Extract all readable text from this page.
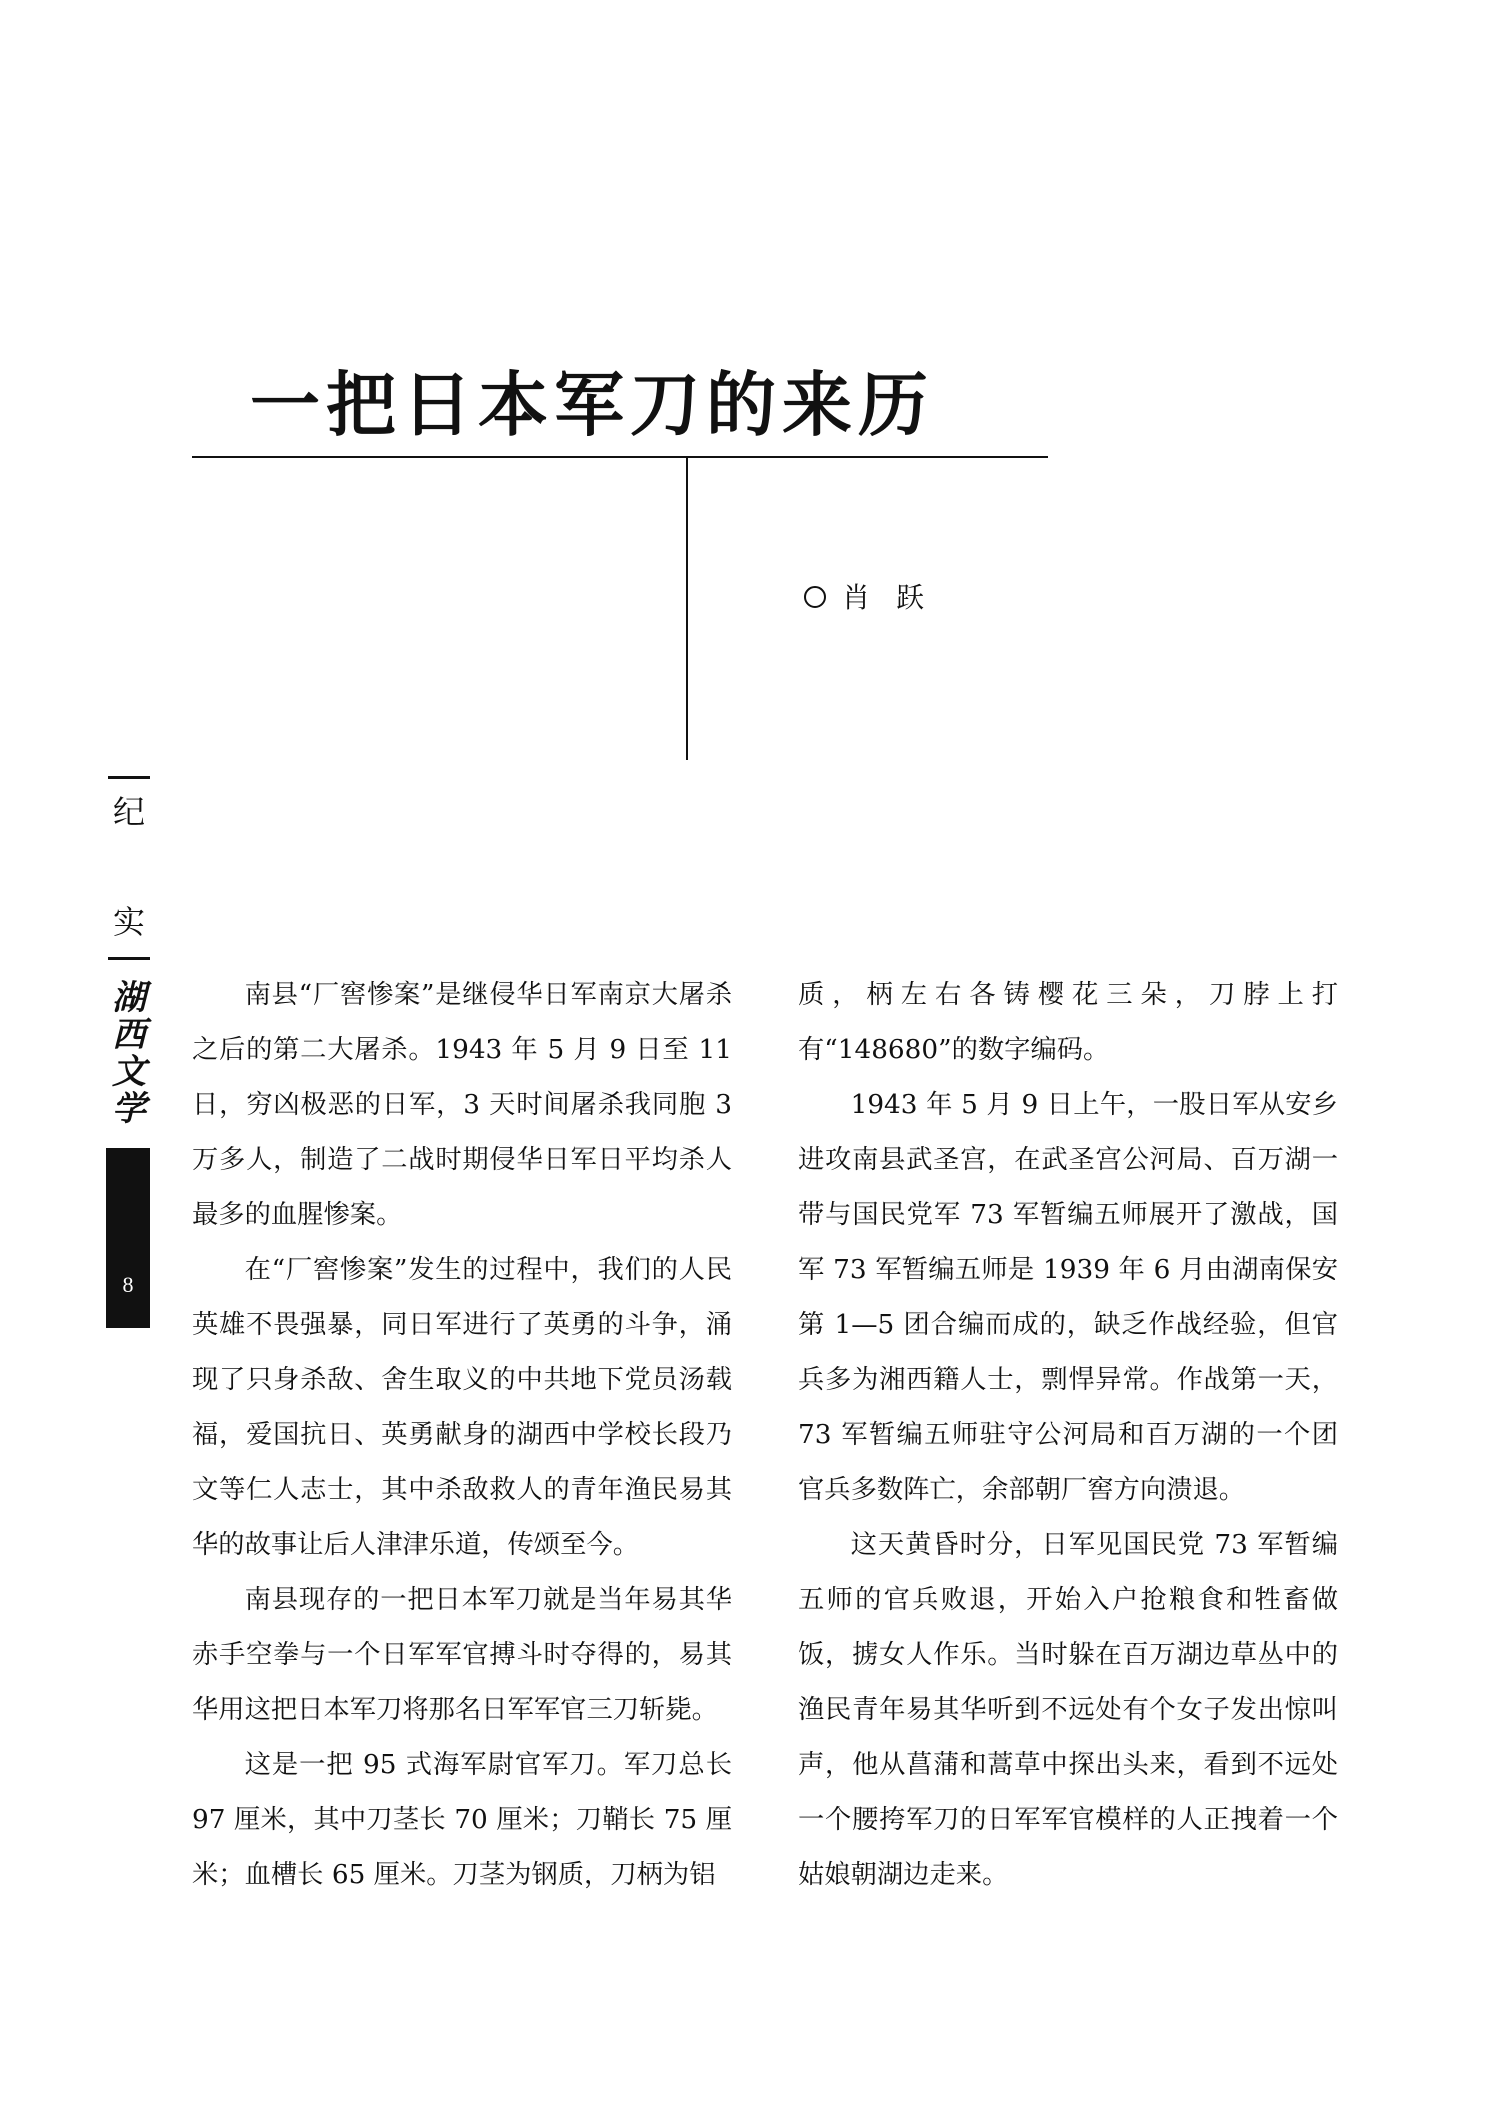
一把日本军刀的来历
肖跃
纪
实
湖
西
文
学
8

南县“厂窖惨案”是继侵华日军南京大屠杀之后的第二大屠杀。1943 年 5 月 9 日至 11 日，穷凶极恶的日军，3 天时间屠杀我同胞 3 万多人，制造了二战时期侵华日军日平均杀人最多的血腥惨案。

在“厂窖惨案”发生的过程中，我们的人民英雄不畏强暴，同日军进行了英勇的斗争，涌现了只身杀敌、舍生取义的中共地下党员汤载福，爱国抗日、英勇献身的湖西中学校长段乃文等仁人志士，其中杀敌救人的青年渔民易其华的故事让后人津津乐道，传颂至今。

南县现存的一把日本军刀就是当年易其华赤手空拳与一个日军军官搏斗时夺得的，易其华用这把日本军刀将那名日军军官三刀斩毙。

这是一把 95 式海军尉官军刀。军刀总长 97 厘米，其中刀茎长 70 厘米；刀鞘长 75 厘米；血槽长 65 厘米。刀茎为钢质，刀柄为铝

质，柄左右各铸樱花三朵，刀脖上打有“148680”的数字编码。

1943 年 5 月 9 日上午，一股日军从安乡进攻南县武圣宫，在武圣宫公河局、百万湖一带与国民党军 73 军暂编五师展开了激战，国军 73 军暂编五师是 1939 年 6 月由湖南保安第 1—5 团合编而成的，缺乏作战经验，但官兵多为湘西籍人士，剽悍异常。作战第一天，73 军暂编五师驻守公河局和百万湖的一个团官兵多数阵亡，余部朝厂窖方向溃退。

这天黄昏时分，日军见国民党 73 军暂编五师的官兵败退，开始入户抢粮食和牲畜做饭，掳女人作乐。当时躲在百万湖边草丛中的渔民青年易其华听到不远处有个女子发出惊叫声，他从菖蒲和蒿草中探出头来，看到不远处一个腰挎军刀的日军军官模样的人正拽着一个姑娘朝湖边走来。
